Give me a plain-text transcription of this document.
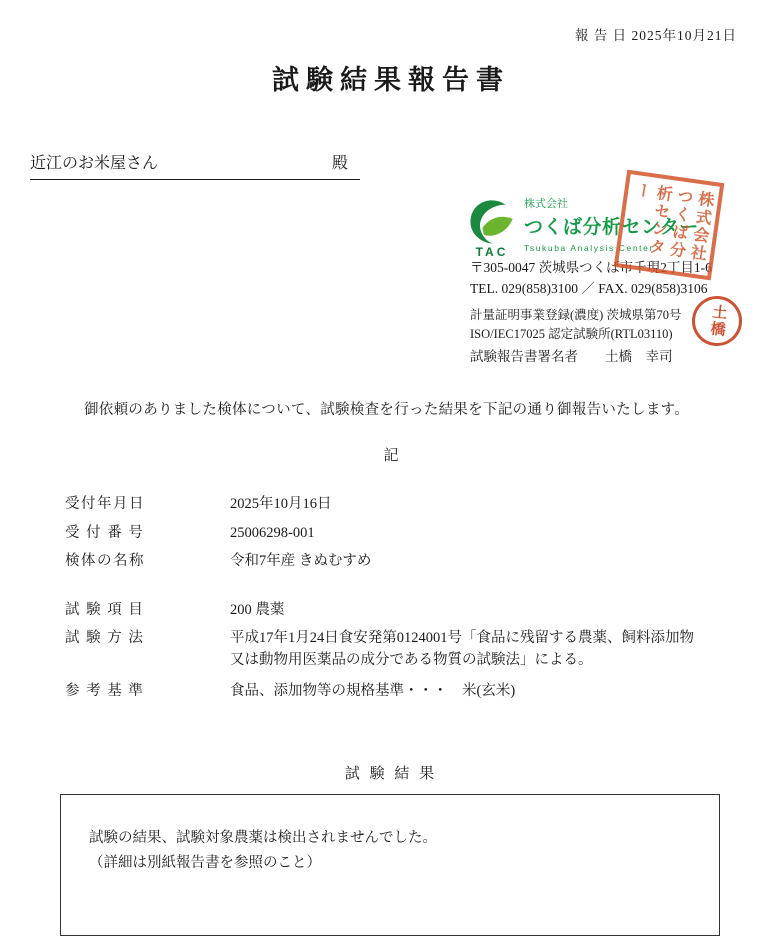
報 告 日 2025年10月21日
試験結果報告書
近江のお米屋さん	殿
TAC
株式会社
つくば分析センター
Tsukuba Analysis Center	株式会社つくば分析センター
〒305-0047 茨城県つくば市千現2丁目1-6
TEL. 029(858)3100 ／ FAX. 029(858)3106
計量証明事業登録(濃度) 茨城県第70号
ISO/IEC17025 認定試験所(RTL03110)	土橋
試験報告書署名者　　土橋　幸司
御依頼のありました検体について、試験検査を行った結果を下記の通り御報告いたします。
記
受付年月日	2025年10月16日
受 付 番 号	25006298-001
検体の名称	令和7年産 きぬむすめ
試 験 項 目	200 農薬
試 験 方 法	平成17年1月24日食安発第0124001号「食品に残留する農薬、飼料添加物又は動物用医薬品の成分である物質の試験法」による。
参 考 基 準	食品、添加物等の規格基準・・・　米(玄米)
試 験 結 果
試験の結果、試験対象農薬は検出されませんでした。
（詳細は別紙報告書を参照のこと）
